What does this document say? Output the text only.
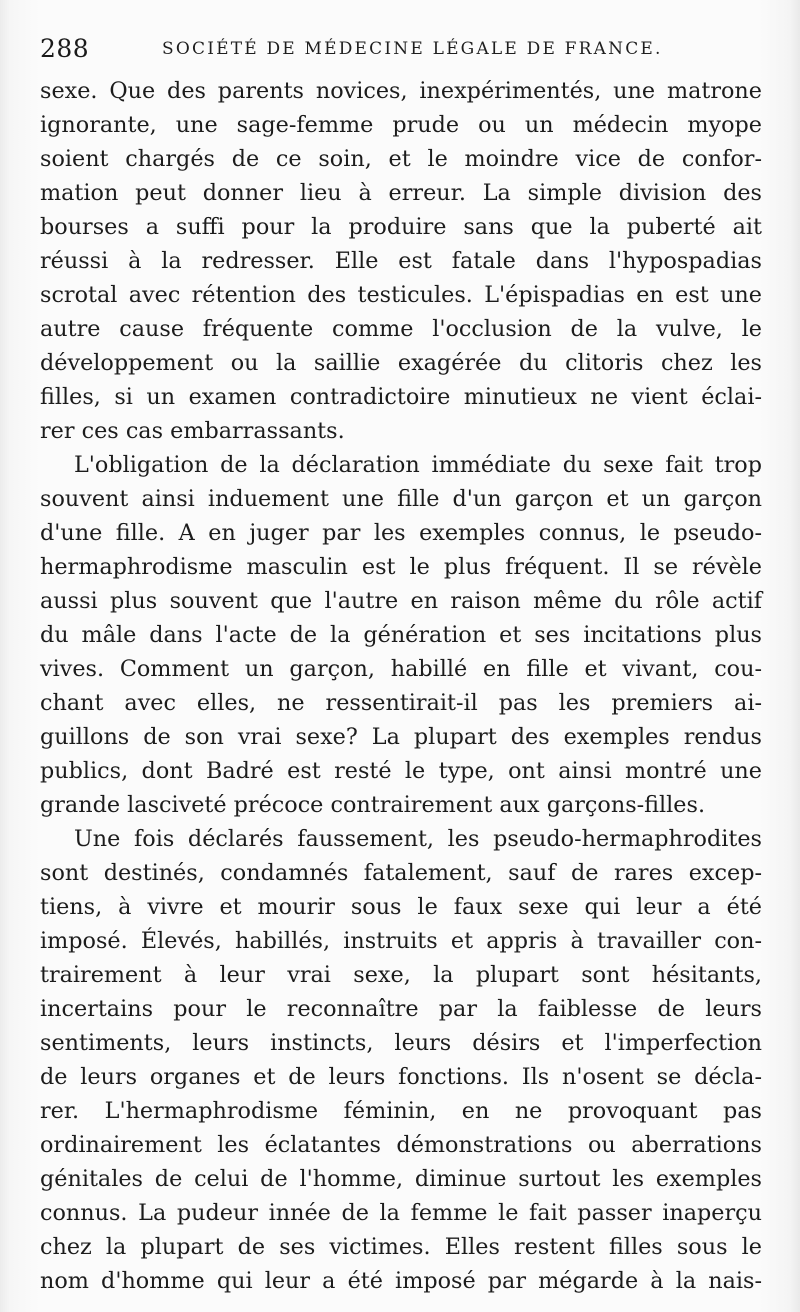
288	SOCIÉTÉ DE MÉDECINE LÉGALE DE FRANCE.
sexe. Que des parents novices, inexpérimentés, une matrone
ignorante, une sage-femme prude ou un médecin myope
soient chargés de ce soin, et le moindre vice de confor-
mation peut donner lieu à erreur. La simple division des
bourses a suffi pour la produire sans que la puberté ait
réussi à la redresser. Elle est fatale dans l'hypospadias
scrotal avec rétention des testicules. L'épispadias en est une
autre cause fréquente comme l'occlusion de la vulve, le
développement ou la saillie exagérée du clitoris chez les
filles, si un examen contradictoire minutieux ne vient éclai-
rer ces cas embarrassants.
L'obligation de la déclaration immédiate du sexe fait trop
souvent ainsi induement une fille d'un garçon et un garçon
d'une fille. A en juger par les exemples connus, le pseudo-
hermaphrodisme masculin est le plus fréquent. Il se révèle
aussi plus souvent que l'autre en raison même du rôle actif
du mâle dans l'acte de la génération et ses incitations plus
vives. Comment un garçon, habillé en fille et vivant, cou-
chant avec elles, ne ressentirait-il pas les premiers ai-
guillons de son vrai sexe? La plupart des exemples rendus
publics, dont Badré est resté le type, ont ainsi montré une
grande lasciveté précoce contrairement aux garçons-filles.
Une fois déclarés faussement, les pseudo-hermaphrodites
sont destinés, condamnés fatalement, sauf de rares excep-
tiens, à vivre et mourir sous le faux sexe qui leur a été
imposé. Élevés, habillés, instruits et appris à travailler con-
trairement à leur vrai sexe, la plupart sont hésitants,
incertains pour le reconnaître par la faiblesse de leurs
sentiments, leurs instincts, leurs désirs et l'imperfection
de leurs organes et de leurs fonctions. Ils n'osent se décla-
rer. L'hermaphrodisme féminin, en ne provoquant pas
ordinairement les éclatantes démonstrations ou aberrations
génitales de celui de l'homme, diminue surtout les exemples
connus. La pudeur innée de la femme le fait passer inaperçu
chez la plupart de ses victimes. Elles restent filles sous le
nom d'homme qui leur a été imposé par mégarde à la nais-
